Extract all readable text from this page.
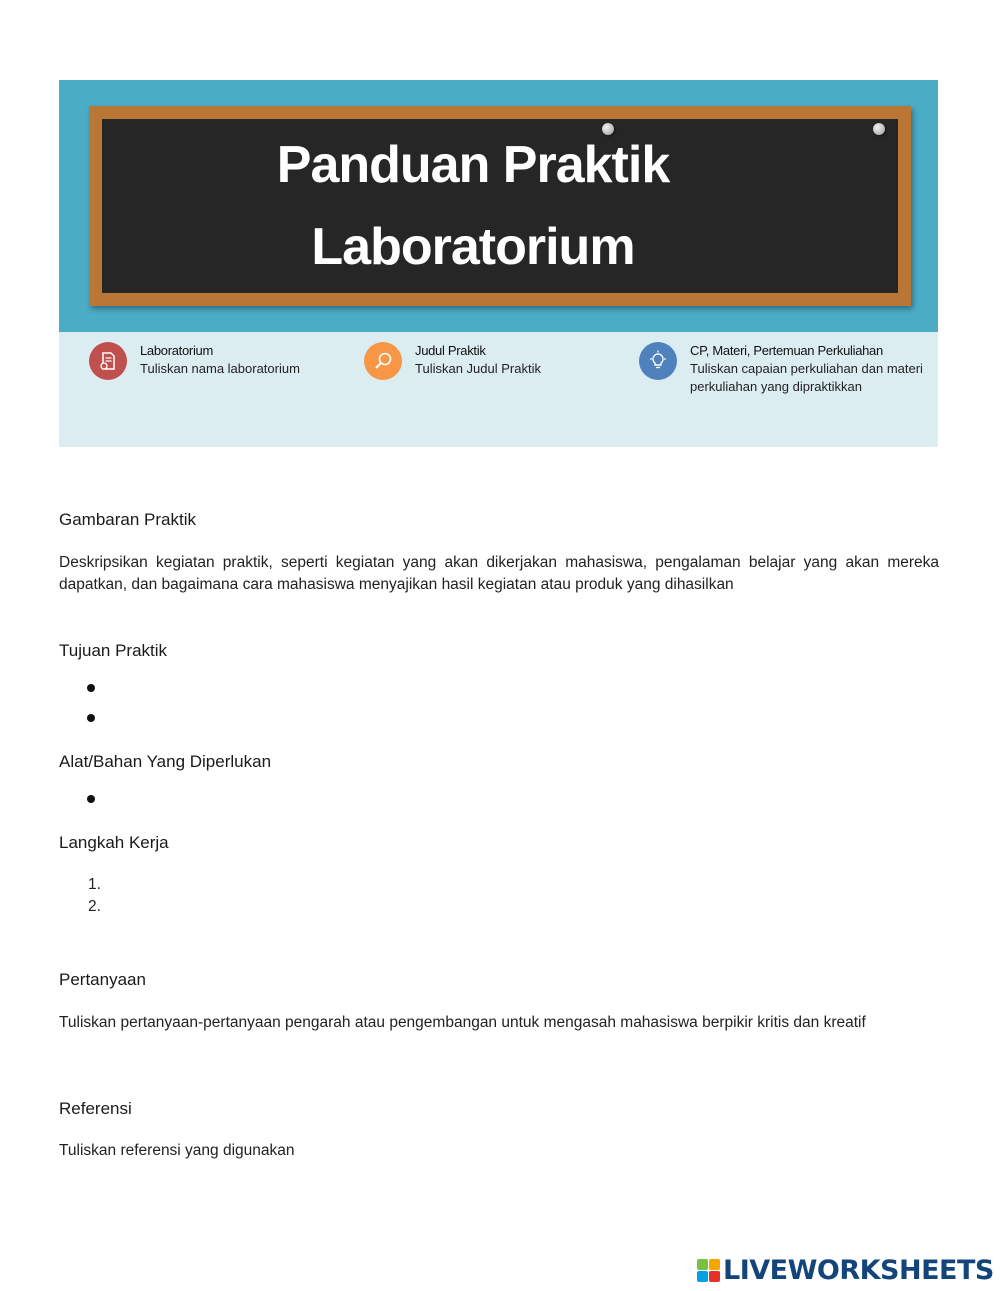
Panduan Praktik
Laboratorium
Laboratorium
Tuliskan nama laboratorium
Judul Praktik
Tuliskan Judul Praktik
CP, Materi, Pertemuan Perkuliahan
Tuliskan capaian perkuliahan dan materi perkuliahan yang dipraktikkan
Gambaran Praktik

Deskripsikan kegiatan praktik, seperti kegiatan yang akan dikerjakan mahasiswa, pengalaman belajar yang akan mereka dapatkan, dan bagaimana cara mahasiswa menyajikan hasil kegiatan atau produk yang dihasilkan

Tujuan Praktik
Alat/Bahan Yang Diperlukan
Langkah Kerja
1.
2.
Pertanyaan

Tuliskan pertanyaan-pertanyaan pengarah atau pengembangan untuk mengasah mahasiswa berpikir kritis dan kreatif

Referensi

Tuliskan referensi yang digunakan

LIVEWORKSHEETS
